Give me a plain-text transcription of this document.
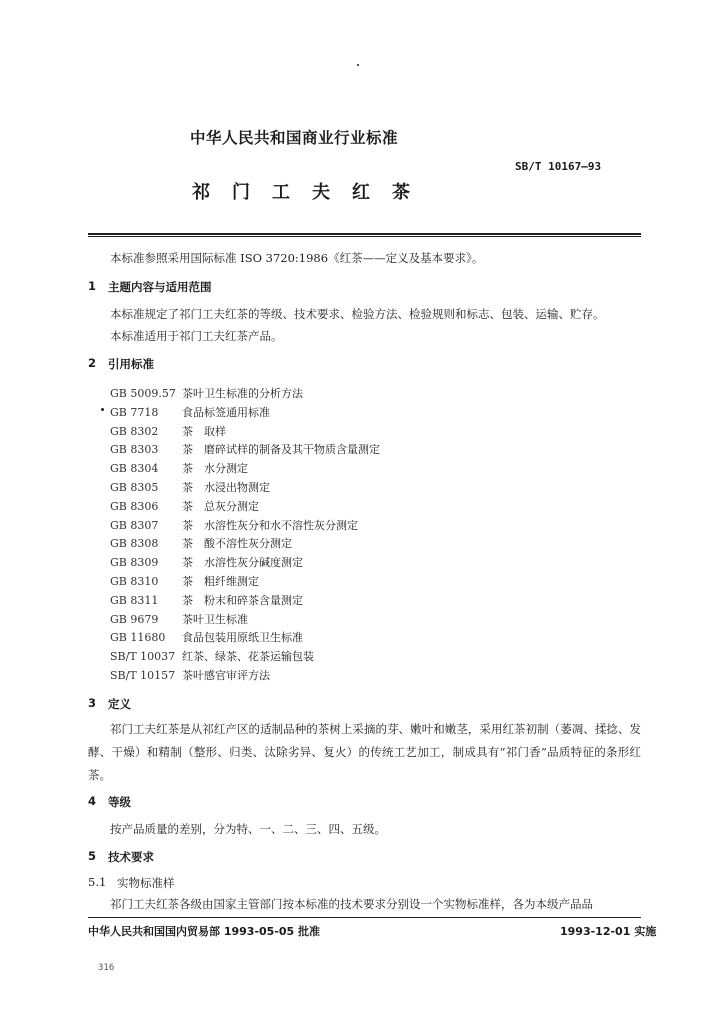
中华人民共和国商业行业标准
SB/T 10167—93
祁 门 工 夫 红 茶
本标准参照采用国际标准 ISO 3720:1986《红茶——定义及基本要求》。
1 主题内容与适用范围
本标准规定了祁门工夫红茶的等级、技术要求、检验方法、检验规则和标志、包装、运输、贮存。
本标准适用于祁门工夫红茶产品。
2 引用标准
GB 5009.57 茶叶卫生标准的分析方法
GB 7718 食品标签通用标准
GB 8302 茶　取样
GB 8303 茶　磨碎试样的制备及其干物质含量测定
GB 8304 茶　水分测定
GB 8305 茶　水浸出物测定
GB 8306 茶　总灰分测定
GB 8307 茶　水溶性灰分和水不溶性灰分测定
GB 8308 茶　酸不溶性灰分测定
GB 8309 茶　水溶性灰分碱度测定
GB 8310 茶　粗纤维测定
GB 8311 茶　粉末和碎茶含量测定
GB 9679 茶叶卫生标准
GB 11680 食品包装用原纸卫生标准
SB/T 10037 红茶、绿茶、花茶运输包装
SB/T 10157 茶叶感官审评方法
3 定义
祁门工夫红茶是从祁红产区的适制品种的茶树上采摘的芽、嫩叶和嫩茎，采用红茶初制（萎凋、揉捻、发酵、干燥）和精制（整形、归类、汰除劣异、复火）的传统工艺加工，制成具有“祁门香”品质特征的条形红茶。
4 等级
按产品质量的差别，分为特、一、二、三、四、五级。
5 技术要求
5.1 实物标准样
祁门工夫红茶各级由国家主管部门按本标准的技术要求分别设一个实物标准样，各为本级产品品
中华人民共和国国内贸易部 1993-05-05 批准	1993-12-01 实施
316
